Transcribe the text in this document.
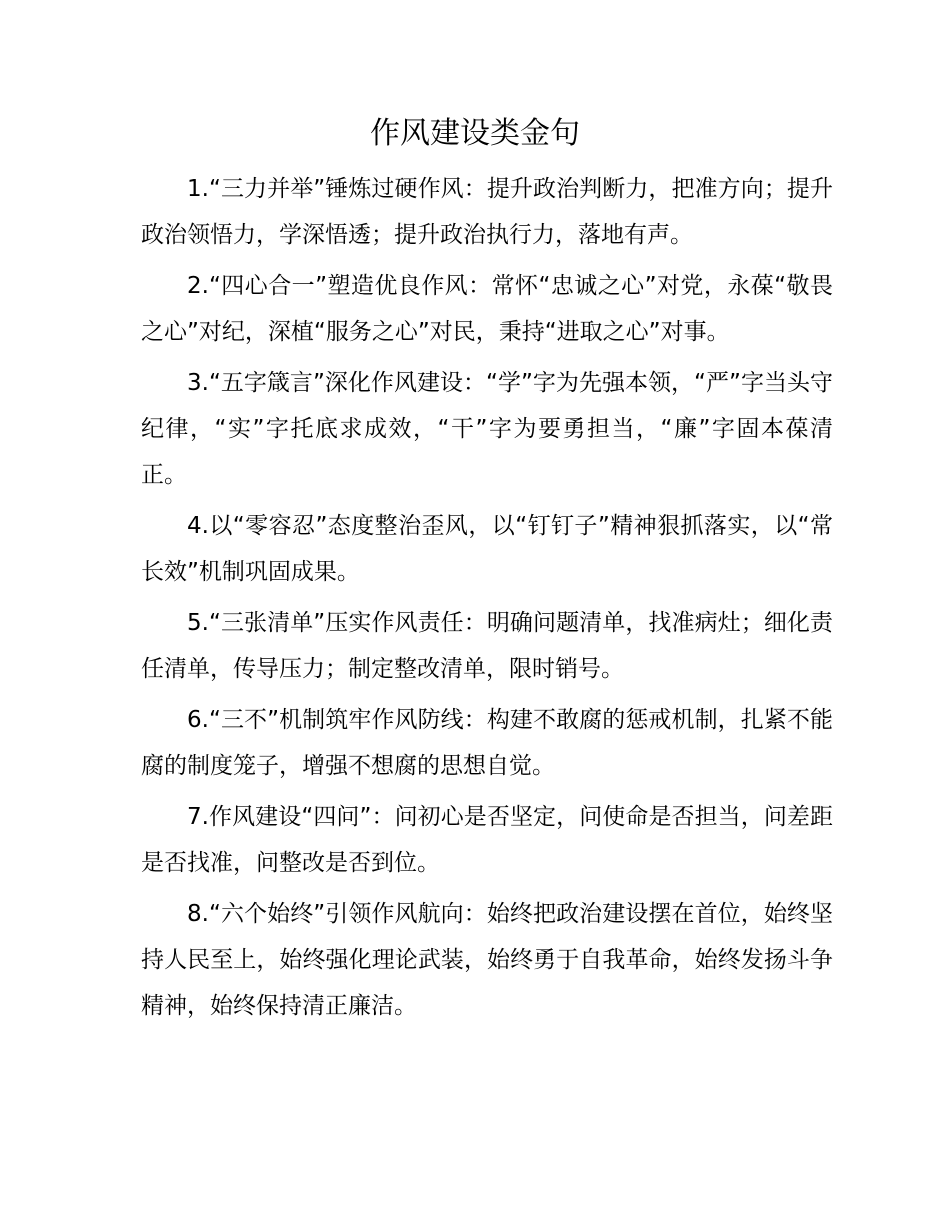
作风建设类金句

1.“三力并举”锤炼过硬作风：提升政治判断力，把准方向；提升政治领悟力，学深悟透；提升政治执行力，落地有声。

2.“四心合一”塑造优良作风：常怀“忠诚之心”对党，永葆“敬畏之心”对纪，深植“服务之心”对民，秉持“进取之心”对事。

3.“五字箴言”深化作风建设：“学”字为先强本领，“严”字当头守纪律，“实”字托底求成效，“干”字为要勇担当，“廉”字固本葆清正。

4.以“零容忍”态度整治歪风，以“钉钉子”精神狠抓落实，以“常长效”机制巩固成果。

5.“三张清单”压实作风责任：明确问题清单，找准病灶；细化责任清单，传导压力；制定整改清单，限时销号。

6.“三不”机制筑牢作风防线：构建不敢腐的惩戒机制，扎紧不能腐的制度笼子，增强不想腐的思想自觉。

7.作风建设“四问”：问初心是否坚定，问使命是否担当，问差距是否找准，问整改是否到位。

8.“六个始终”引领作风航向：始终把政治建设摆在首位，始终坚持人民至上，始终强化理论武装，始终勇于自我革命，始终发扬斗争精神，始终保持清正廉洁。
